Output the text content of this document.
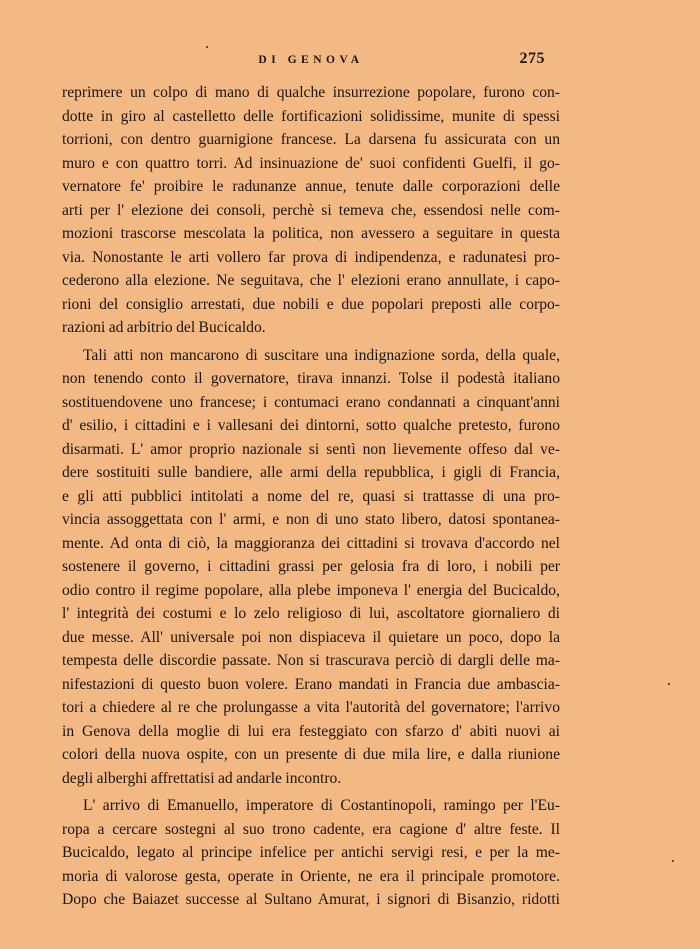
DI GENOVA	275
reprimere un colpo di mano di qualche insurrezione popolare, furono con-
dotte in giro al castelletto delle fortificazioni solidissime, munite di spessi
torrioni, con dentro guarnigione francese. La darsena fu assicurata con un
muro e con quattro torri. Ad insinuazione de' suoi confidenti Guelfi, il go-
vernatore fe' proibire le radunanze annue, tenute dalle corporazioni delle
arti per l' elezione dei consoli, perchè si temeva che, essendosi nelle com-
mozioni trascorse mescolata la politica, non avessero a seguitare in questa
via. Nonostante le arti vollero far prova di indipendenza, e radunatesi pro-
cederono alla elezione. Ne seguitava, che l' elezioni erano annullate, i capo-
rioni del consiglio arrestati, due nobili e due popolari preposti alle corpo-
razioni ad arbitrio del Bucicaldo.
Tali atti non mancarono di suscitare una indignazione sorda, della quale,
non tenendo conto il governatore, tirava innanzi. Tolse il podestà italiano
sostituendovene uno francese; i contumaci erano condannati a cinquant'anni
d' esilio, i cittadini e i vallesani dei dintorni, sotto qualche pretesto, furono
disarmati. L' amor proprio nazionale si sentì non lievemente offeso dal ve-
dere sostituiti sulle bandiere, alle armi della repubblica, i gigli di Francia,
e gli atti pubblici intitolati a nome del re, quasi si trattasse di una pro-
vincia assoggettata con l' armi, e non di uno stato libero, datosi spontanea-
mente. Ad onta di ciò, la maggioranza dei cittadini si trovava d'accordo nel
sostenere il governo, i cittadini grassi per gelosia fra di loro, i nobili per
odio contro il regime popolare, alla plebe imponeva l' energia del Bucicaldo,
l' integrità dei costumi e lo zelo religioso di lui, ascoltatore giornaliero di
due messe. All' universale poi non dispiaceva il quietare un poco, dopo la
tempesta delle discordie passate. Non si trascurava perciò di dargli delle ma-
nifestazioni di questo buon volere. Erano mandati in Francia due ambascia-
tori a chiedere al re che prolungasse a vita l'autorità del governatore; l'arrivo
in Genova della moglie di lui era festeggiato con sfarzo d' abiti nuovi ai
colori della nuova ospite, con un presente di due mila lire, e dalla riunione
degli alberghi affrettatisi ad andarle incontro.
L' arrivo di Emanuello, imperatore di Costantinopoli, ramingo per l'Eu-
ropa a cercare sostegni al suo trono cadente, era cagione d' altre feste. Il
Bucicaldo, legato al principe infelice per antichi servigi resi, e per la me-
moria di valorose gesta, operate in Oriente, ne era il principale promotore.
Dopo che Baiazet successe al Sultano Amurat, i signori di Bisanzio, ridotti
